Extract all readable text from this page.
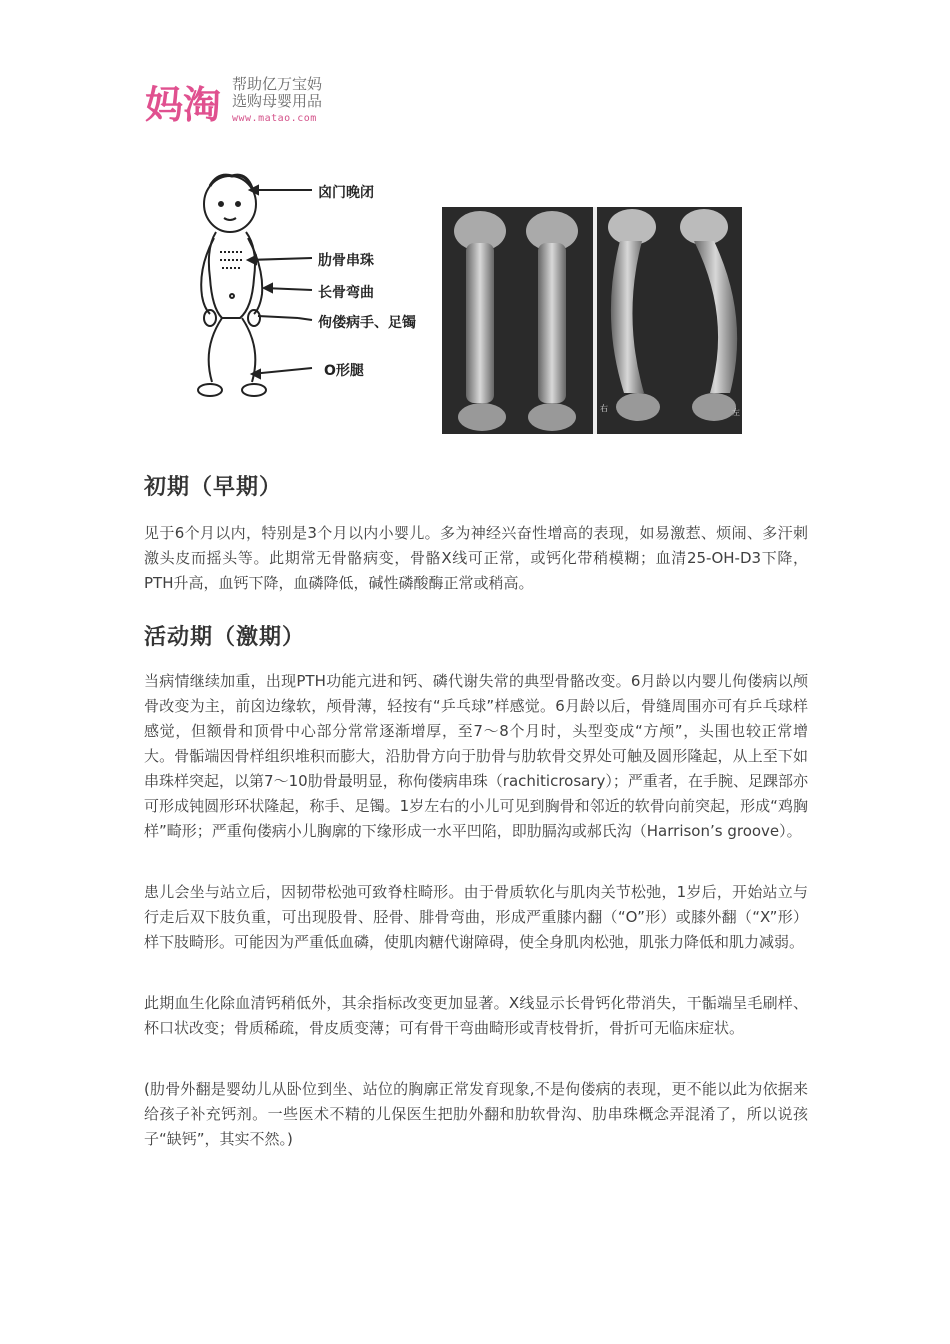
妈淘 帮助亿万宝妈
选购母婴用品
www.matao.com
囟门晚闭
肋骨串珠
长骨弯曲
佝偻病手、足镯
O形腿
右	左
初期（早期）
见于6个月以内，特别是3个月以内小婴儿。多为神经兴奋性增高的表现，如易激惹、烦闹、多汗刺激头皮而摇头等。此期常无骨骼病变，骨骼X线可正常，或钙化带稍模糊；血清25-OH-D3下降，PTH升高，血钙下降，血磷降低，碱性磷酸酶正常或稍高。
活动期（激期）
当病情继续加重，出现PTH功能亢进和钙、磷代谢失常的典型骨骼改变。6月龄以内婴儿佝偻病以颅骨改变为主，前囟边缘软，颅骨薄，轻按有“乒乓球”样感觉。6月龄以后，骨缝周围亦可有乒乓球样感觉，但额骨和顶骨中心部分常常逐渐增厚，至7～8个月时，头型变成“方颅”，头围也较正常增大。骨骺端因骨样组织堆积而膨大，沿肋骨方向于肋骨与肋软骨交界处可触及圆形隆起，从上至下如串珠样突起，以第7～10肋骨最明显，称佝偻病串珠（rachiticrosary）；严重者，在手腕、足踝部亦可形成钝圆形环状隆起，称手、足镯。1岁左右的小儿可见到胸骨和邻近的软骨向前突起，形成“鸡胸样”畸形；严重佝偻病小儿胸廓的下缘形成一水平凹陷，即肋膈沟或郝氏沟（Harrison’s groove）。
患儿会坐与站立后，因韧带松弛可致脊柱畸形。由于骨质软化与肌肉关节松弛，1岁后，开始站立与行走后双下肢负重，可出现股骨、胫骨、腓骨弯曲，形成严重膝内翻（“O”形）或膝外翻（“X”形）样下肢畸形。可能因为严重低血磷，使肌肉糖代谢障碍，使全身肌肉松弛，肌张力降低和肌力减弱。
此期血生化除血清钙稍低外，其余指标改变更加显著。X线显示长骨钙化带消失，干骺端呈毛刷样、杯口状改变；骨质稀疏，骨皮质变薄；可有骨干弯曲畸形或青枝骨折，骨折可无临床症状。
(肋骨外翻是婴幼儿从卧位到坐、站位的胸廓正常发育现象,不是佝偻病的表现，更不能以此为依据来给孩子补充钙剂。一些医术不精的儿保医生把肋外翻和肋软骨沟、肋串珠概念弄混淆了，所以说孩子“缺钙”，其实不然。)
